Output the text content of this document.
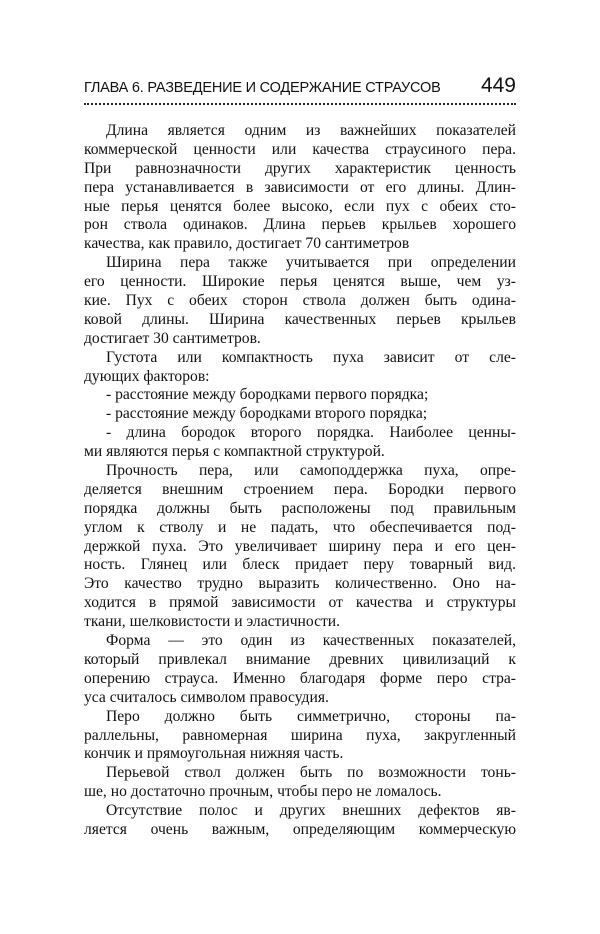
ГЛАВА 6. РАЗВЕДЕНИЕ И СОДЕРЖАНИЕ СТРАУСОВ 449
Длина является одним из важнейших показателей
коммерческой ценности или качества страусиного пера.
При равнозначности других характеристик ценность
пера устанавливается в зависимости от его длины. Длин-
ные перья ценятся более высоко, если пух с обеих сто-
рон ствола одинаков. Длина перьев крыльев хорошего
качества, как правило, достигает 70 сантиметров
Ширина пера также учитывается при определении
его ценности. Широкие перья ценятся выше, чем уз-
кие. Пух с обеих сторон ствола должен быть одина-
ковой длины. Ширина качественных перьев крыльев
достигает 30 сантиметров.
Густота или компактность пуха зависит от сле-
дующих факторов:
- расстояние между бородками первого порядка;
- расстояние между бородками второго порядка;
- длина бородок второго порядка. Наиболее ценны-
ми являются перья с компактной структурой.
Прочность пера, или самоподдержка пуха, опре-
деляется внешним строением пера. Бородки первого
порядка должны быть расположены под правильным
углом к стволу и не падать, что обеспечивается под-
держкой пуха. Это увеличивает ширину пера и его цен-
ность. Глянец или блеск придает перу товарный вид.
Это качество трудно выразить количественно. Оно на-
ходится в прямой зависимости от качества и структуры
ткани, шелковистости и эластичности.
Форма — это один из качественных показателей,
который привлекал внимание древних цивилизаций к
оперению страуса. Именно благодаря форме перо стра-
уса считалось символом правосудия.
Перо должно быть симметрично, стороны па-
раллельны, равномерная ширина пуха, закругленный
кончик и прямоугольная нижняя часть.
Перьевой ствол должен быть по возможности тонь-
ше, но достаточно прочным, чтобы перо не ломалось.
Отсутствие полос и других внешних дефектов яв-
ляется очень важным, определяющим коммерческую
